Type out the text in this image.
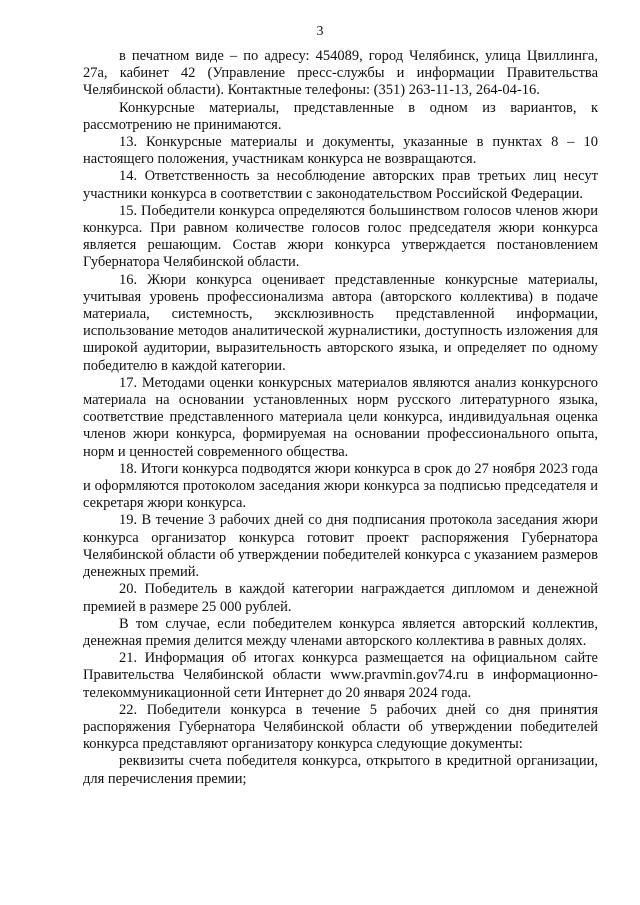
3

в печатном виде – по адресу: 454089, город Челябинск, улица Цвиллинга, 27а, кабинет 42 (Управление пресс-службы и информации Правительства Челябинской области). Контактные телефоны: (351) 263-11-13, 264-04-16.

Конкурсные материалы, представленные в одном из вариантов, к рассмотрению не принимаются.

13. Конкурсные материалы и документы, указанные в пунктах 8 – 10 настоящего положения, участникам конкурса не возвращаются.

14. Ответственность за несоблюдение авторских прав третьих лиц несут участники конкурса в соответствии с законодательством Российской Федерации.

15. Победители конкурса определяются большинством голосов членов жюри конкурса. При равном количестве голосов голос председателя жюри конкурса является решающим. Состав жюри конкурса утверждается постановлением Губернатора Челябинской области.

16. Жюри конкурса оценивает представленные конкурсные материалы, учитывая уровень профессионализма автора (авторского коллектива) в подаче материала, системность, эксклюзивность представленной информации, использование методов аналитической журналистики, доступность изложения для широкой аудитории, выразительность авторского языка, и определяет по одному победителю в каждой категории.

17. Методами оценки конкурсных материалов являются анализ конкурсного материала на основании установленных норм русского литературного языка, соответствие представленного материала цели конкурса, индивидуальная оценка членов жюри конкурса, формируемая на основании профессионального опыта, норм и ценностей современного общества.

18. Итоги конкурса подводятся жюри конкурса в срок до 27 ноября 2023 года и оформляются протоколом заседания жюри конкурса за подписью председателя и секретаря жюри конкурса.

19. В течение 3 рабочих дней со дня подписания протокола заседания жюри конкурса организатор конкурса готовит проект распоряжения Губернатора Челябинской области об утверждении победителей конкурса с указанием размеров денежных премий.

20. Победитель в каждой категории награждается дипломом и денежной премией в размере 25 000 рублей.

В том случае, если победителем конкурса является авторский коллектив, денежная премия делится между членами авторского коллектива в равных долях.

21. Информация об итогах конкурса размещается на официальном сайте Правительства Челябинской области www.pravmin.gov74.ru в информационно-телекоммуникационной сети Интернет до 20 января 2024 года.

22. Победители конкурса в течение 5 рабочих дней со дня принятия распоряжения Губернатора Челябинской области об утверждении победителей конкурса представляют организатору конкурса следующие документы:

реквизиты счета победителя конкурса, открытого в кредитной организации, для перечисления премии;
